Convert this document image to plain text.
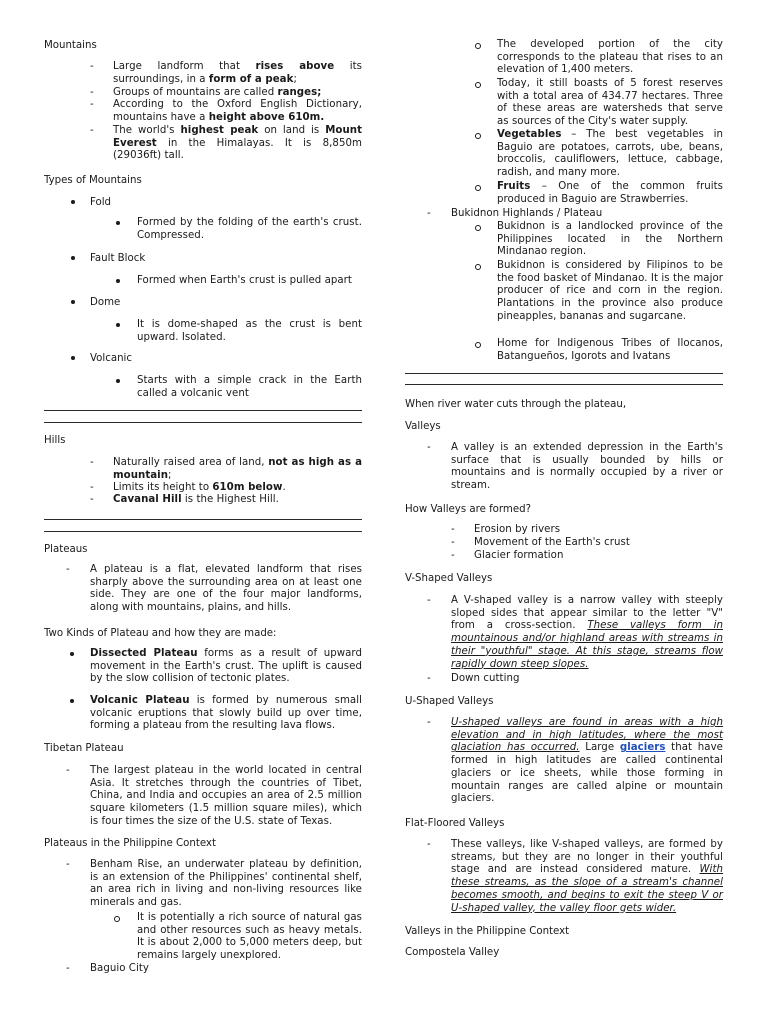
Mountains
- Large landform that rises above its surroundings, in a form of a peak;
- Groups of mountains are called ranges;
- According to the Oxford English Dictionary, mountains have a height above 610m.
- The world's highest peak on land is Mount Everest in the Himalayas. It is 8,850m (29036ft) tall.
Types of Mountains
Fold
Formed by the folding of the earth's crust. Compressed.
Fault Block
Formed when Earth's crust is pulled apart
Dome
It is dome-shaped as the crust is bent upward. Isolated.
Volcanic
Starts with a simple crack in the Earth called a volcanic vent
Hills
- Naturally raised area of land, not as high as a mountain;
- Limits its height to 610m below.
- Cavanal Hill is the Highest Hill.
Plateaus
- A plateau is a flat, elevated landform that rises sharply above the surrounding area on at least one side. They are one of the four major landforms, along with mountains, plains, and hills.
Two Kinds of Plateau and how they are made:
Dissected Plateau forms as a result of upward movement in the Earth's crust. The uplift is caused by the slow collision of tectonic plates.
Volcanic Plateau is formed by numerous small volcanic eruptions that slowly build up over time, forming a plateau from the resulting lava flows.
Tibetan Plateau
- The largest plateau in the world located in central Asia. It stretches through the countries of Tibet, China, and India and occupies an area of 2.5 million square kilometers (1.5 million square miles), which is four times the size of the U.S. state of Texas.
Plateaus in the Philippine Context
- Benham Rise, an underwater plateau by definition, is an extension of the Philippines' continental shelf, an area rich in living and non-living resources like minerals and gas.
It is potentially a rich source of natural gas and other resources such as heavy metals. It is about 2,000 to 5,000 meters deep, but remains largely unexplored.
- Baguio City
The developed portion of the city corresponds to the plateau that rises to an elevation of 1,400 meters.
Today, it still boasts of 5 forest reserves with a total area of 434.77 hectares. Three of these areas are watersheds that serve as sources of the City's water supply.
Vegetables – The best vegetables in Baguio are potatoes, carrots, ube, beans, broccolis, cauliflowers, lettuce, cabbage, radish, and many more.
Fruits – One of the common fruits produced in Baguio are Strawberries.
- Bukidnon Highlands / Plateau
Bukidnon is a landlocked province of the Philippines located in the Northern Mindanao region.
Bukidnon is considered by Filipinos to be the food basket of Mindanao. It is the major producer of rice and corn in the region. Plantations in the province also produce pineapples, bananas and sugarcane.
Home for Indigenous Tribes of Ilocanos, Batangueños, Igorots and Ivatans
When river water cuts through the plateau,
Valleys
- A valley is an extended depression in the Earth's surface that is usually bounded by hills or mountains and is normally occupied by a river or stream.
How Valleys are formed?
- Erosion by rivers
- Movement of the Earth's crust
- Glacier formation
V-Shaped Valleys
- A V-shaped valley is a narrow valley with steeply sloped sides that appear similar to the letter "V" from a cross-section. These valleys form in mountainous and/or highland areas with streams in their "youthful" stage. At this stage, streams flow rapidly down steep slopes.
- Down cutting
U-Shaped Valleys
- U-shaped valleys are found in areas with a high elevation and in high latitudes, where the most glaciation has occurred. Large glaciers that have formed in high latitudes are called continental glaciers or ice sheets, while those forming in mountain ranges are called alpine or mountain glaciers.
Flat-Floored Valleys
- These valleys, like V-shaped valleys, are formed by streams, but they are no longer in their youthful stage and are instead considered mature. With these streams, as the slope of a stream's channel becomes smooth, and begins to exit the steep V or U-shaped valley, the valley floor gets wider.
Valleys in the Philippine Context
Compostela Valley
